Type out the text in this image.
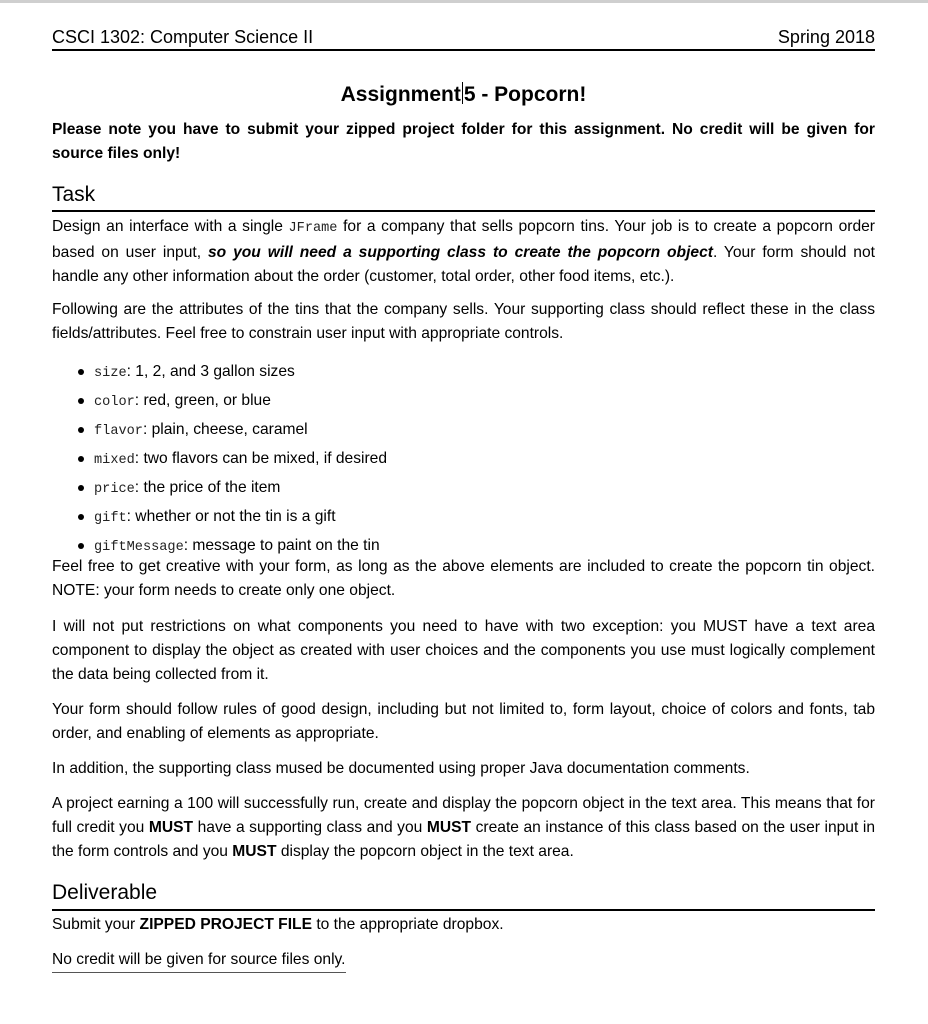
CSCI 1302: Computer Science II	Spring 2018
Assignment 5 - Popcorn!
Please note you have to submit your zipped project folder for this assignment. No credit will be given for source files only!
Task
Design an interface with a single JFrame for a company that sells popcorn tins. Your job is to create a popcorn order based on user input, so you will need a supporting class to create the popcorn object. Your form should not handle any other information about the order (customer, total order, other food items, etc.).
Following are the attributes of the tins that the company sells. Your supporting class should reflect these in the class fields/attributes. Feel free to constrain user input with appropriate controls.
size: 1, 2, and 3 gallon sizes
color: red, green, or blue
flavor: plain, cheese, caramel
mixed: two flavors can be mixed, if desired
price: the price of the item
gift: whether or not the tin is a gift
giftMessage: message to paint on the tin
Feel free to get creative with your form, as long as the above elements are included to create the popcorn tin object. NOTE: your form needs to create only one object.
I will not put restrictions on what components you need to have with two exception: you MUST have a text area component to display the object as created with user choices and the components you use must logically complement the data being collected from it.
Your form should follow rules of good design, including but not limited to, form layout, choice of colors and fonts, tab order, and enabling of elements as appropriate.
In addition, the supporting class mused be documented using proper Java documentation comments.
A project earning a 100 will successfully run, create and display the popcorn object in the text area. This means that for full credit you MUST have a supporting class and you MUST create an instance of this class based on the user input in the form controls and you MUST display the popcorn object in the text area.
Deliverable
Submit your ZIPPED PROJECT FILE to the appropriate dropbox.
No credit will be given for source files only.
